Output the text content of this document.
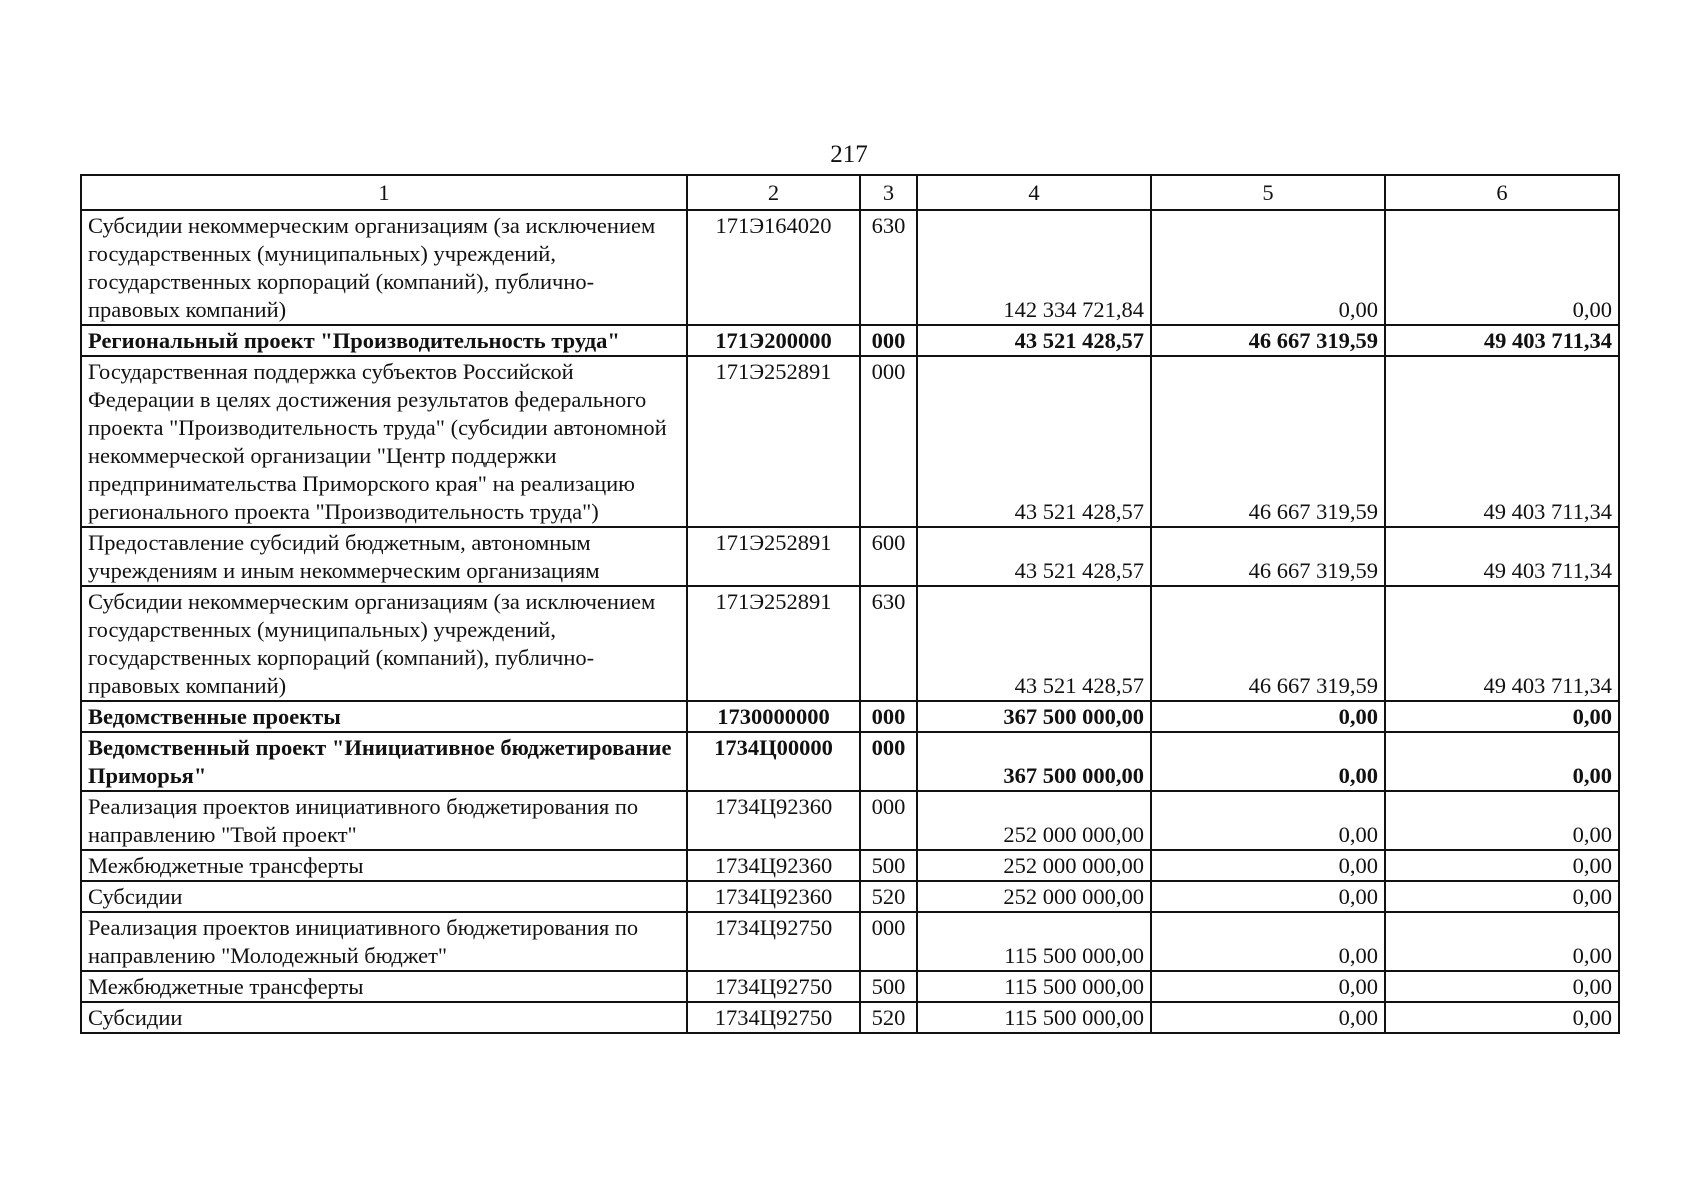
217
1	2	3	4	5	6
Субсидии некоммерческим организациям (за исключением государственных (муниципальных) учреждений, государственных корпораций (компаний), публично-правовых компаний)	171Э164020	630	142 334 721,84	0,00	0,00
Региональный проект "Производительность труда"	171Э200000	000	43 521 428,57	46 667 319,59	49 403 711,34
Государственная поддержка субъектов Российской Федерации в целях достижения результатов федерального проекта "Производительность труда" (субсидии автономной некоммерческой организации "Центр поддержки предпринимательства Приморского края" на реализацию регионального проекта "Производительность труда")	171Э252891	000	43 521 428,57	46 667 319,59	49 403 711,34
Предоставление субсидий бюджетным, автономным учреждениям и иным некоммерческим организациям	171Э252891	600	43 521 428,57	46 667 319,59	49 403 711,34
Субсидии некоммерческим организациям (за исключением государственных (муниципальных) учреждений, государственных корпораций (компаний), публично-правовых компаний)	171Э252891	630	43 521 428,57	46 667 319,59	49 403 711,34
Ведомственные проекты	1730000000	000	367 500 000,00	0,00	0,00
Ведомственный проект "Инициативное бюджетирование Приморья"	1734Ц00000	000	367 500 000,00	0,00	0,00
Реализация проектов инициативного бюджетирования по направлению "Твой проект"	1734Ц92360	000	252 000 000,00	0,00	0,00
Межбюджетные трансферты	1734Ц92360	500	252 000 000,00	0,00	0,00
Субсидии	1734Ц92360	520	252 000 000,00	0,00	0,00
Реализация проектов инициативного бюджетирования по направлению "Молодежный бюджет"	1734Ц92750	000	115 500 000,00	0,00	0,00
Межбюджетные трансферты	1734Ц92750	500	115 500 000,00	0,00	0,00
Субсидии	1734Ц92750	520	115 500 000,00	0,00	0,00
